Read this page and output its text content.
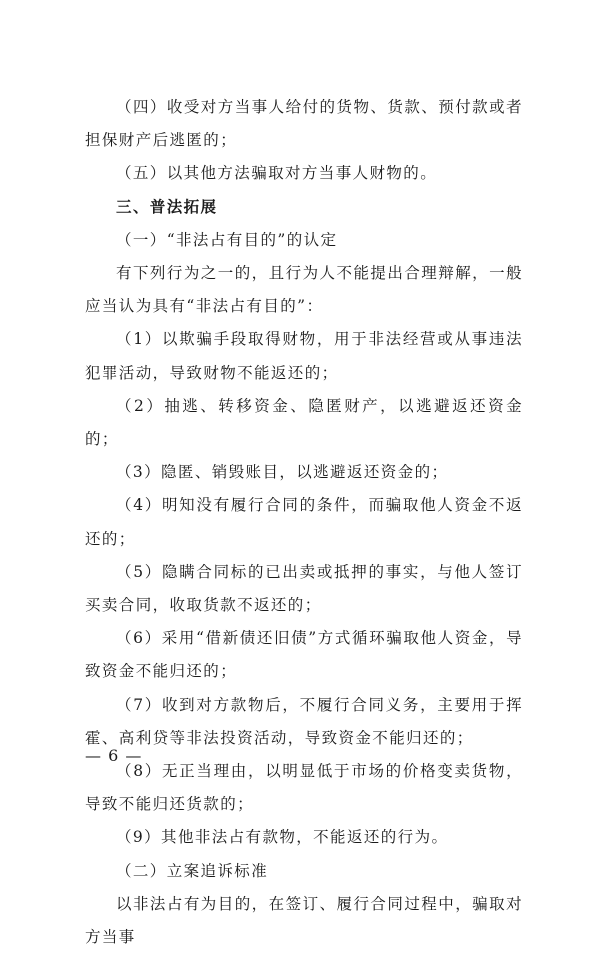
（四）收受对方当事人给付的货物、货款、预付款或者担保财产后逃匿的；

（五）以其他方法骗取对方当事人财物的。

三、普法拓展

（一）“非法占有目的”的认定

有下列行为之一的，且行为人不能提出合理辩解，一般应当认为具有“非法占有目的”：

（1）以欺骗手段取得财物，用于非法经营或从事违法犯罪活动，导致财物不能返还的；

（2）抽逃、转移资金、隐匿财产，以逃避返还资金的；

（3）隐匿、销毁账目，以逃避返还资金的；

（4）明知没有履行合同的条件，而骗取他人资金不返还的；

（5）隐瞒合同标的已出卖或抵押的事实，与他人签订买卖合同，收取货款不返还的；

（6）采用“借新债还旧债”方式循环骗取他人资金，导致资金不能归还的；

（7）收到对方款物后，不履行合同义务，主要用于挥霍、高利贷等非法投资活动，导致资金不能归还的；

（8）无正当理由，以明显低于市场的价格变卖货物，导致不能归还货款的；

（9）其他非法占有款物，不能返还的行为。

（二）立案追诉标准

以非法占有为目的，在签订、履行合同过程中，骗取对方当事

— 6 —
